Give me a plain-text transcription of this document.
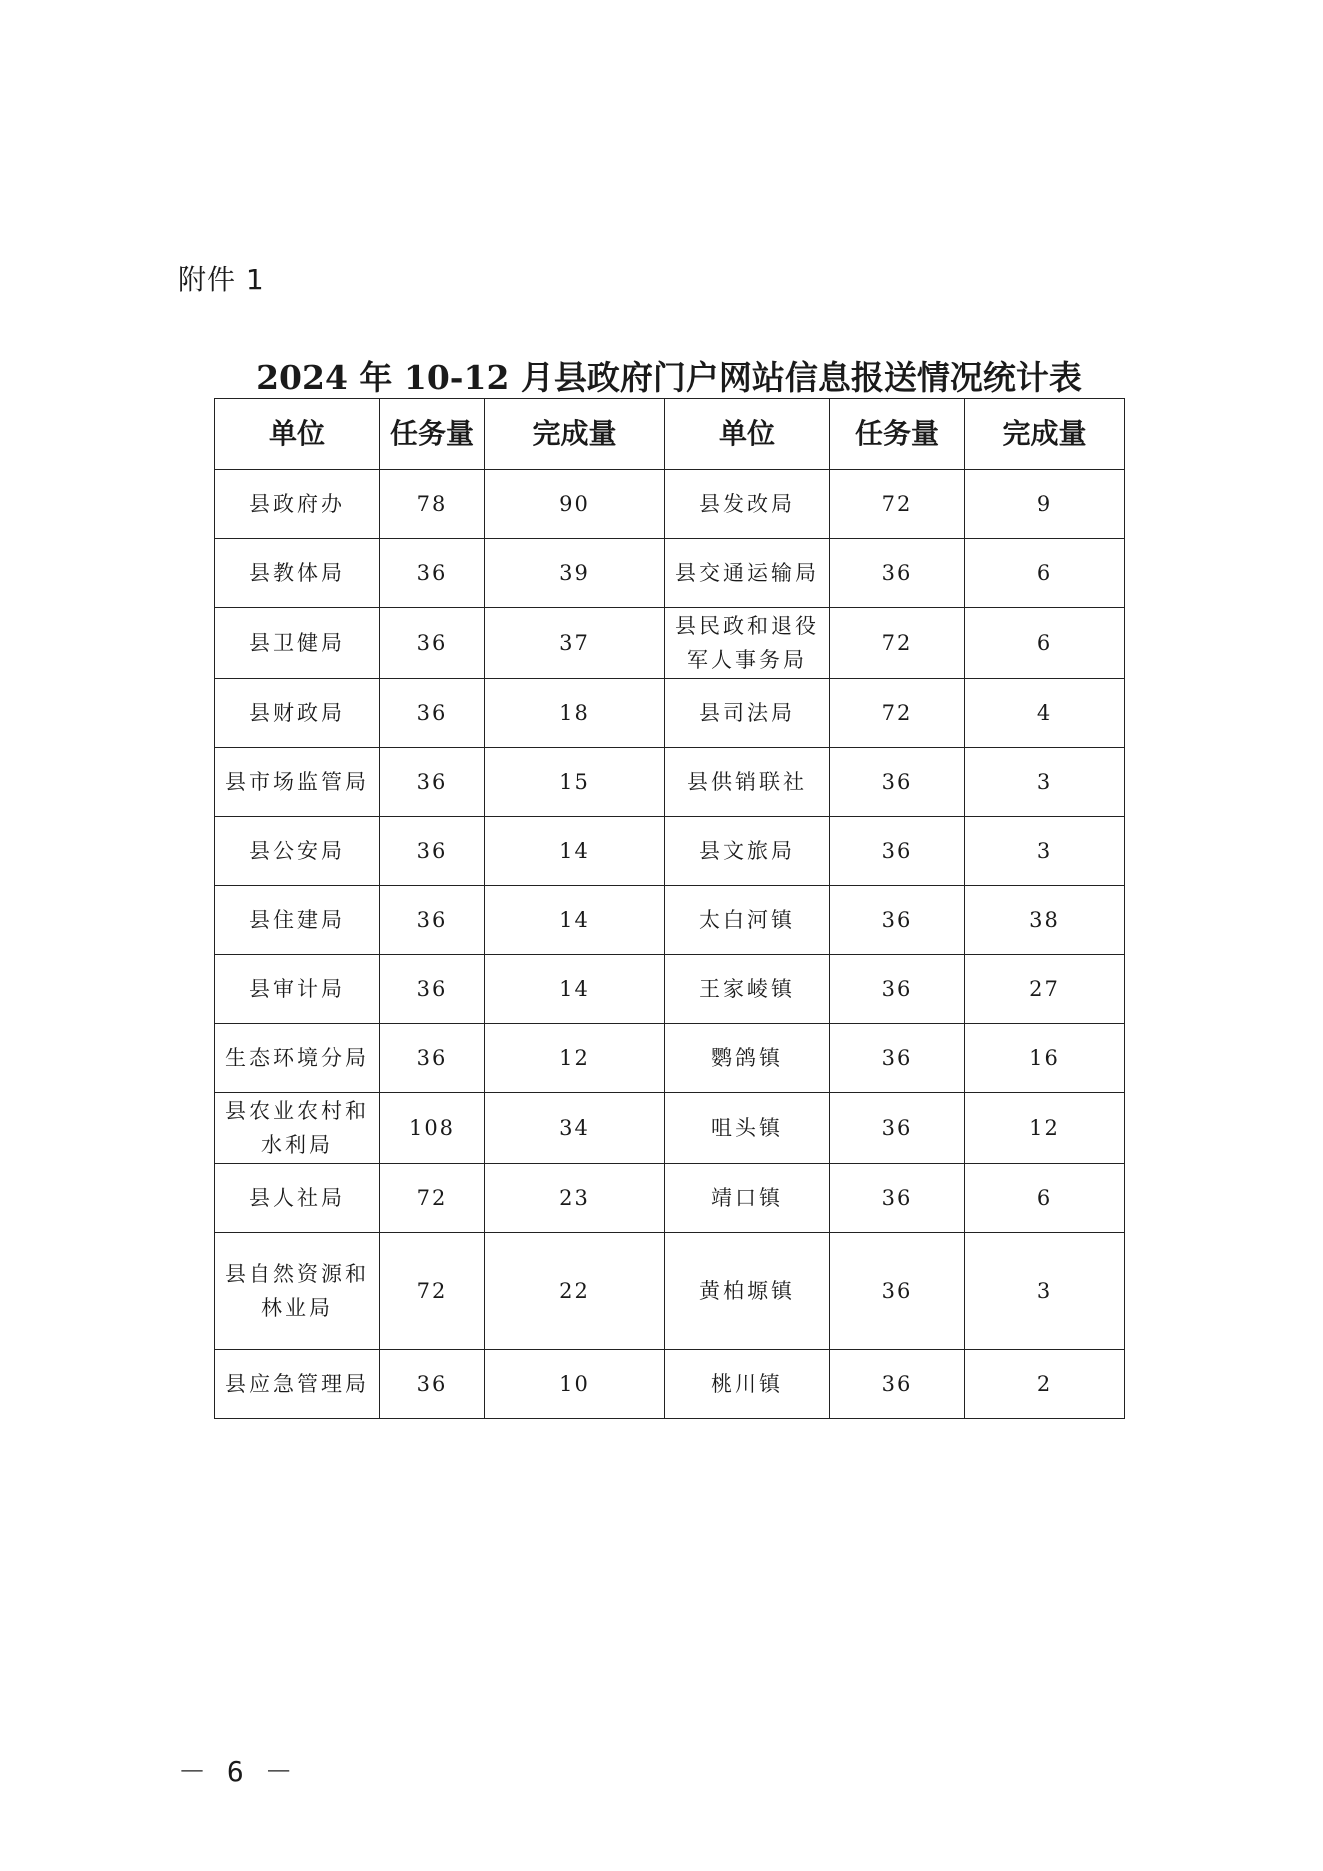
附件 1
2024 年 10-12 月县政府门户网站信息报送情况统计表
单位	任务量	完成量	单位	任务量	完成量
县政府办	78	90	县发改局	72	9
县教体局	36	39	县交通运输局	36	6
县卫健局	36	37	县民政和退役军人事务局	72	6
县财政局	36	18	县司法局	72	4
县市场监管局	36	15	县供销联社	36	3
县公安局	36	14	县文旅局	36	3
县住建局	36	14	太白河镇	36	38
县审计局	36	14	王家崚镇	36	27
生态环境分局	36	12	鹦鸽镇	36	16
县农业农村和水利局	108	34	咀头镇	36	12
县人社局	72	23	靖口镇	36	6
县自然资源和林业局	72	22	黄柏塬镇	36	3
县应急管理局	36	10	桃川镇	36	2
－ 6 －
